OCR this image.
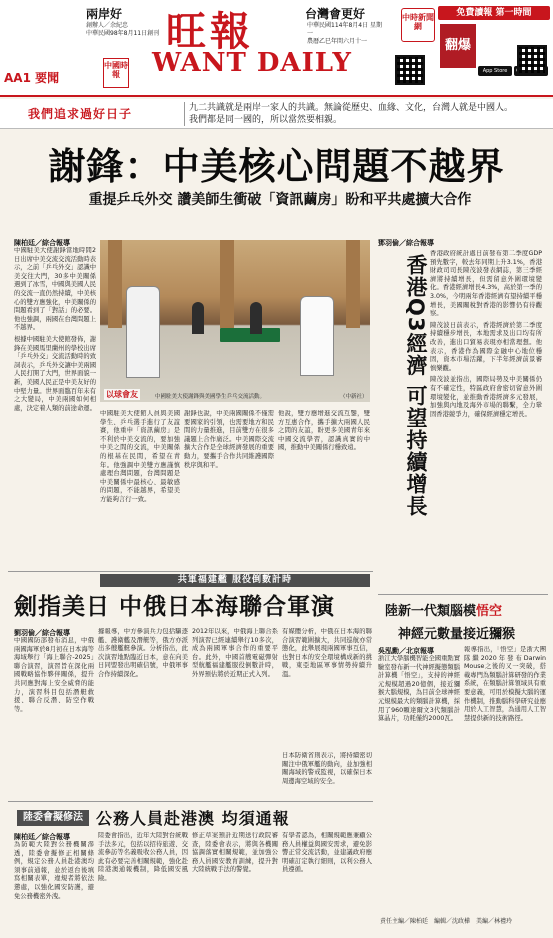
兩岸好	台灣會更好
創辦人／余紀忠
中華民國98年8月11日創刊 旺報
WANT DAILY
中華民國114年8月4日 星期一
農曆乙巳年閏六月十一
中國時報
中時新聞網
免費讀報 第一時間
翻爆
App Store
AA1 要聞
我們追求過好日子	九二共識就是兩岸一家人的共識。無論從歷史、血緣、文化，台灣人就是中國人。
我們都是同一國的，所以當然要相親。
謝鋒：中美核心問題不越界
重提乒乓外交 讚美師生衝破「資訊繭房」盼和平共處擴大合作
陳柏廷／綜合報導

中國駐美大使謝鋒當地時間2日出席中美交流交流活動時表示，之前「乒乓外交」認識中美交往大門，30多中美關係遇到了冰雪，中國與美國人民的交流一直仍然持續，中美核心的雙方應強化，中美關係的問題看到了「對話」的必要。他也強調，兩國在台灣問題上不越界。

根據中國駐美大使館發佈，謝鋒在美國馬里蘭州的學校出席「乒乓外交」交流活動時的致詞表示，乒乓外交讓中美兩國人民打開了大門，世界面貌一新，美國人民正是中美友好的中堅力量。世界面臨百年未有之大變局，中美兩國如何相處，決定着人類的前途命運。

以球會友	中國駐美大使謝鋒與美國學生乒乓交流活動。	（中新社）
中國駐美大使館人員與美國學生、乒乓選手進行了友誼賽，他重申「資訊繭房」是不利於中美交流的，要加強中美之間的交流，中美關係的根基在民間，希望在青年。他強調中美雙方應謹慎處理台灣問題，台灣問題是中美關係中最核心、最敏感的問題，不能越界，希望美方能夠言行一致。
謝鋒也說，中美兩國關係不僅需要國家的引領，也需要地方和民間的力量推進，目前雙方在很多議題上合作廣泛。中美國際交流擴大合作是全球經濟發展的重要動力，要攜手合作共同維護國際秩序與和平。
他說，雙方應增進交流互鑒，雙方互惠合作，攜手擴大兩國人民之間的友誼，盼更多美國青年來中國交流學習，認識真實的中國，推動中美關係行穩致遠。
鄧羽倫／綜合報導
香港Q3經濟 可望持續增長

香港政府統計處日前發布第二季度GDP預先數字，較去年同期上升3.1%，香港財政司司長陳茂波發表網誌，第三季經濟將持續增長，但需留意外圍環境變化。香港經濟增長4.3%，高於第一季的3.0%，今明兩年香港經濟有望持續平穩增長，美國關稅對香港的影響仍有待觀察。

陳茂波日前表示，香港經濟於第二季度持續穩步增長，本地需求及出口均有所改善，進出口貿易表現亦相當理想。他表示，香港作為國際金融中心地位穩固，資本市場活躍，下半年經濟前景審慎樂觀。

陳茂波並指出，國際局勢及中美關係仍有不確定性，特區政府會密切留意外圍環境變化，並推動香港經濟多元發展，加強與內地及海外市場的聯繫，全力鞏固香港競爭力，確保經濟穩定增長。

共軍福建艦 服役倒數計時
劍指美日 中俄日本海聯合軍演
劉羽倫／綜合報導
中國國防部發布消息，中俄兩國海軍於8月初在日本海等海域舉行「海上聯合-2025」聯合演習，演習旨在深化兩國戰略協作夥伴關係，提升共同應對海上安全威脅的能力，演習科目包括潛艇救援、聯合反潛、防空作戰等。
據報導，中方參演兵力包括驅逐艦、護衛艦及潛艇等，俄方亦派出多艘艦艇參演。分析指出，此次演習地點臨近日本，意在向美日同盟發出明確信號，中俄軍事合作持續深化。
2012年以來，中俄海上聯合系列演習已經連續舉行10多次，成為兩國軍事合作的重要平台。此外，中國首艘電磁彈射型航艦福建艦服役倒數計時，外界預估將於近期正式入列。
有媒體分析，中俄在日本海的聯合演習範圍擴大，共同巡航亦常態化，此舉展現兩國軍事互信，也對日本的安全環境構成新的挑戰，東亞地區軍事情勢持續升溫。
日本防衛省則表示，將持續密切關注中俄軍艦的動向，並加強相關海域的警戒監視，以確保日本周邊海空域的安全。
陸委會擬修法 公務人員赴港澳 均須通報
陳柏廷／綜合報導
為防範大陸對公務機關滲透，陸委會擬修正相關條例，規定公務人員赴港澳均須事前通報，並於返台後填寫相關表單，違規者將依法懲處，以強化國安防護，避免公務機密外洩。
陸委會指出，近年大陸對台統戰手法多元，包括以招待旅遊、交流參訪等名義吸收公務人員，因此有必要完善相關規範，強化赴陸港澳通報機制，降低國安風險。
修正草案預計近期送行政院審查，陸委會表示，將與各機關協調落實相關規範，並加強公務人員國安教育訓練，提升對大陸統戰手法的警覺。
有學者認為，相關規範應兼顧公務人員權益與國安需求，避免影響正常交流活動，並建議政府應明確訂定執行細則，以利公務人員遵循。
陸新一代類腦模悟空
神經元數量接近獼猴
吳泓勳／北京報導
浙江大學腦機智能全國重點實驗室發布新一代神經擬態類腦計算機「悟空」，支持的神經元規模超過20億個，接近獼猴大腦規模，為目前全球神經元規模最大的類腦計算機，採用了960顆達爾文3代類腦計算晶片，功耗僅約2000瓦。
報導指出，「悟空」是浙大團隊繼2020年發布Darwin Mouse之後的又一突破，搭載專門為類腦計算研發的作業系統，在類腦計算領域具有重要意義，可用於模擬大腦的運作機制，推動腦科學研究並應用於人工智慧，為通用人工智慧提供新的技術路徑。
責任主編／陳柏廷　編輯／沈政樺　美編／林禮玲
